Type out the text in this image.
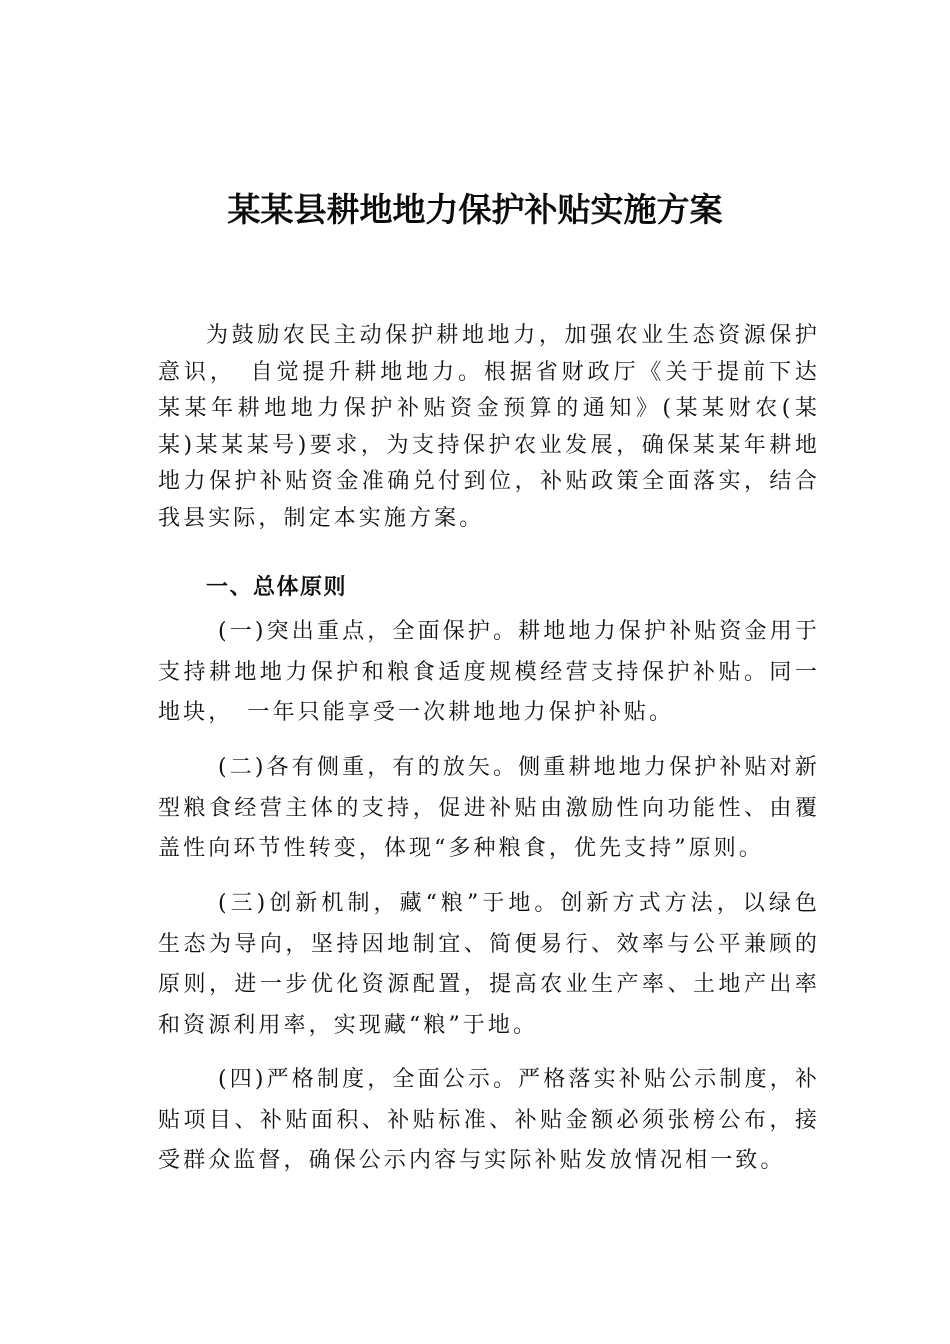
某某县耕地地力保护补贴实施方案

为鼓励农民主动保护耕地地力，加强农业生态资源保护意识，　自觉提升耕地地力。根据省财政厅《关于提前下达某某年耕地地力保护补贴资金预算的通知》(某某财农(某某)某某某号)要求，为支持保护农业发展，确保某某年耕地地力保护补贴资金准确兑付到位，补贴政策全面落实，结合我县实际，制定本实施方案。

一、总体原则

(一)突出重点，全面保护。耕地地力保护补贴资金用于支持耕地地力保护和粮食适度规模经营支持保护补贴。同一地块，　一年只能享受一次耕地地力保护补贴。

(二)各有侧重，有的放矢。侧重耕地地力保护补贴对新型粮食经营主体的支持，促进补贴由激励性向功能性、由覆盖性向环节性转变，体现“多种粮食，优先支持”原则。

(三)创新机制，藏“粮”于地。创新方式方法，以绿色生态为导向，坚持因地制宜、简便易行、效率与公平兼顾的原则，进一步优化资源配置，提高农业生产率、土地产出率和资源利用率，实现藏“粮”于地。

(四)严格制度，全面公示。严格落实补贴公示制度，补贴项目、补贴面积、补贴标准、补贴金额必须张榜公布，接受群众监督，确保公示内容与实际补贴发放情况相一致。
